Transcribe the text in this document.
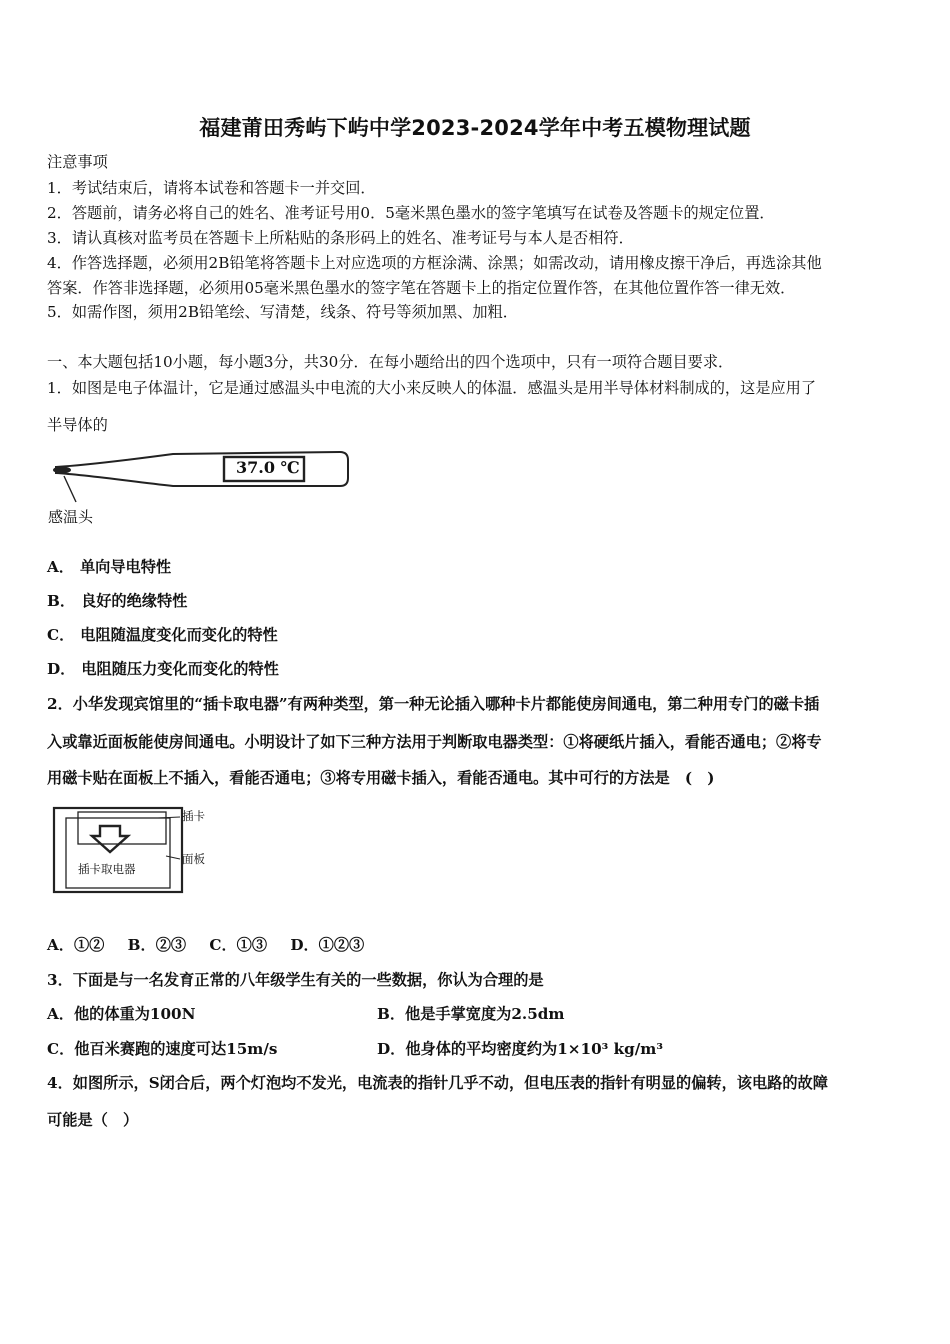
福建莆田秀屿下屿中学2023-2024学年中考五模物理试题
注意事项
1．考试结束后，请将本试卷和答题卡一并交回．
2．答题前，请务必将自己的姓名、准考证号用0．5毫米黑色墨水的签字笔填写在试卷及答题卡的规定位置．
3．请认真核对监考员在答题卡上所粘贴的条形码上的姓名、准考证号与本人是否相符．
4．作答选择题，必须用2B铅笔将答题卡上对应选项的方框涂满、涂黑；如需改动，请用橡皮擦干净后，再选涂其他
答案．作答非选择题，必须用05毫米黑色墨水的签字笔在答题卡上的指定位置作答，在其他位置作答一律无效．
5．如需作图，须用2B铅笔绘、写清楚，线条、符号等须加黑、加粗．
一、本大题包括10小题，每小题3分，共30分．在每小题给出的四个选项中，只有一项符合题目要求．
1．如图是电子体温计，它是通过感温头中电流的大小来反映人的体温．感温头是用半导体材料制成的，这是应用了
半导体的
37.0 ℃
感温头
A． 单向导电特性
B． 良好的绝缘特性
C． 电阻随温度变化而变化的特性
D． 电阻随压力变化而变化的特性
2．小华发现宾馆里的“插卡取电器”有两种类型，第一种无论插入哪种卡片都能使房间通电，第二种用专门的磁卡插
入或靠近面板能使房间通电。小明设计了如下三种方法用于判断取电器类型：①将硬纸片插入，看能否通电；②将专
用磁卡贴在面板上不插入，看能否通电；③将专用磁卡插入，看能否通电。其中可行的方法是　(　)
插卡取电器
插卡
面板
A．①② B．②③ C．①③ D．①②③
3．下面是与一名发育正常的八年级学生有关的一些数据，你认为合理的是
A．他的体重为100N	B．他是手掌宽度为2.5dm
C．他百米赛跑的速度可达15m/s	D．他身体的平均密度约为1×10³ kg/m³
4．如图所示，S闭合后，两个灯泡均不发光，电流表的指针几乎不动，但电压表的指针有明显的偏转，该电路的故障
可能是（　）
